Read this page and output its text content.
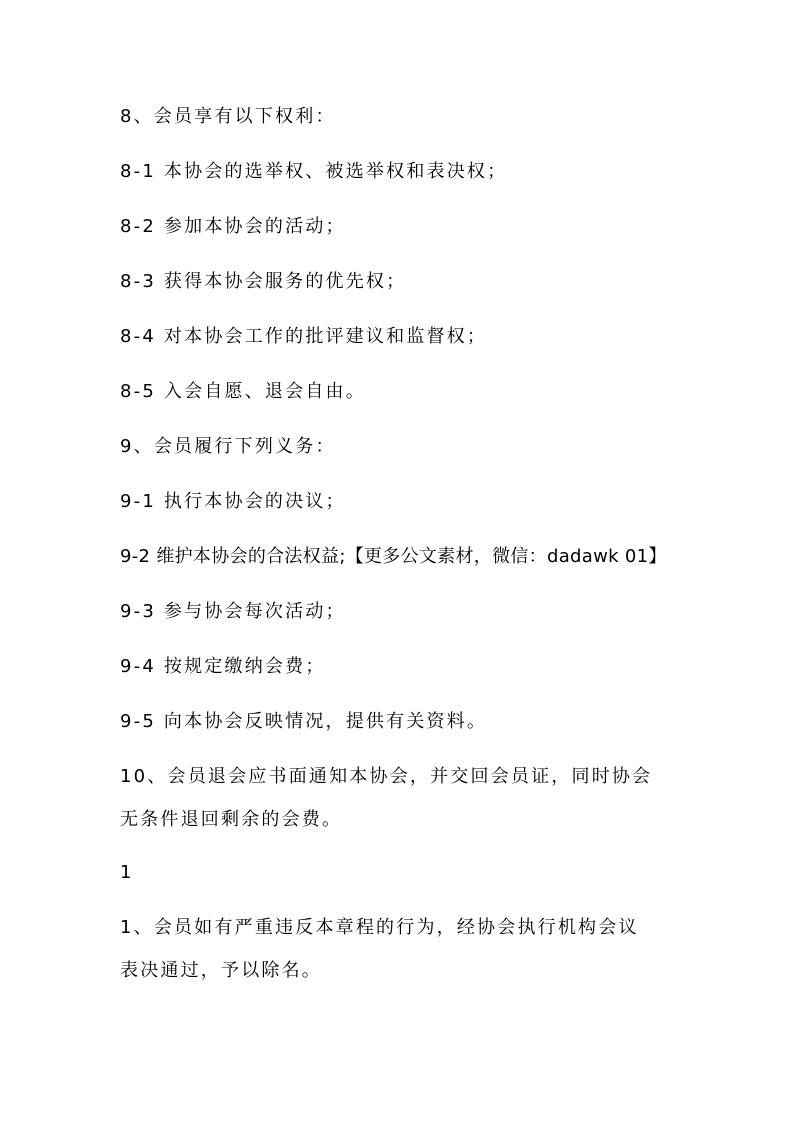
8、会员享有以下权利：
8-1 本协会的选举权、被选举权和表决权；
8-2 参加本协会的活动；
8-3 获得本协会服务的优先权；
8-4 对本协会工作的批评建议和监督权；
8-5 入会自愿、退会自由。
9、会员履行下列义务：
9-1 执行本协会的决议；
9-2 维护本协会的合法权益;【更多公文素材，微信：dadawk 01】
9-3 参与协会每次活动；
9-4 按规定缴纳会费；
9-5 向本协会反映情况，提供有关资料。
10、会员退会应书面通知本协会，并交回会员证，同时协会
无条件退回剩余的会费。
1
1、会员如有严重违反本章程的行为，经协会执行机构会议
表决通过，予以除名。
